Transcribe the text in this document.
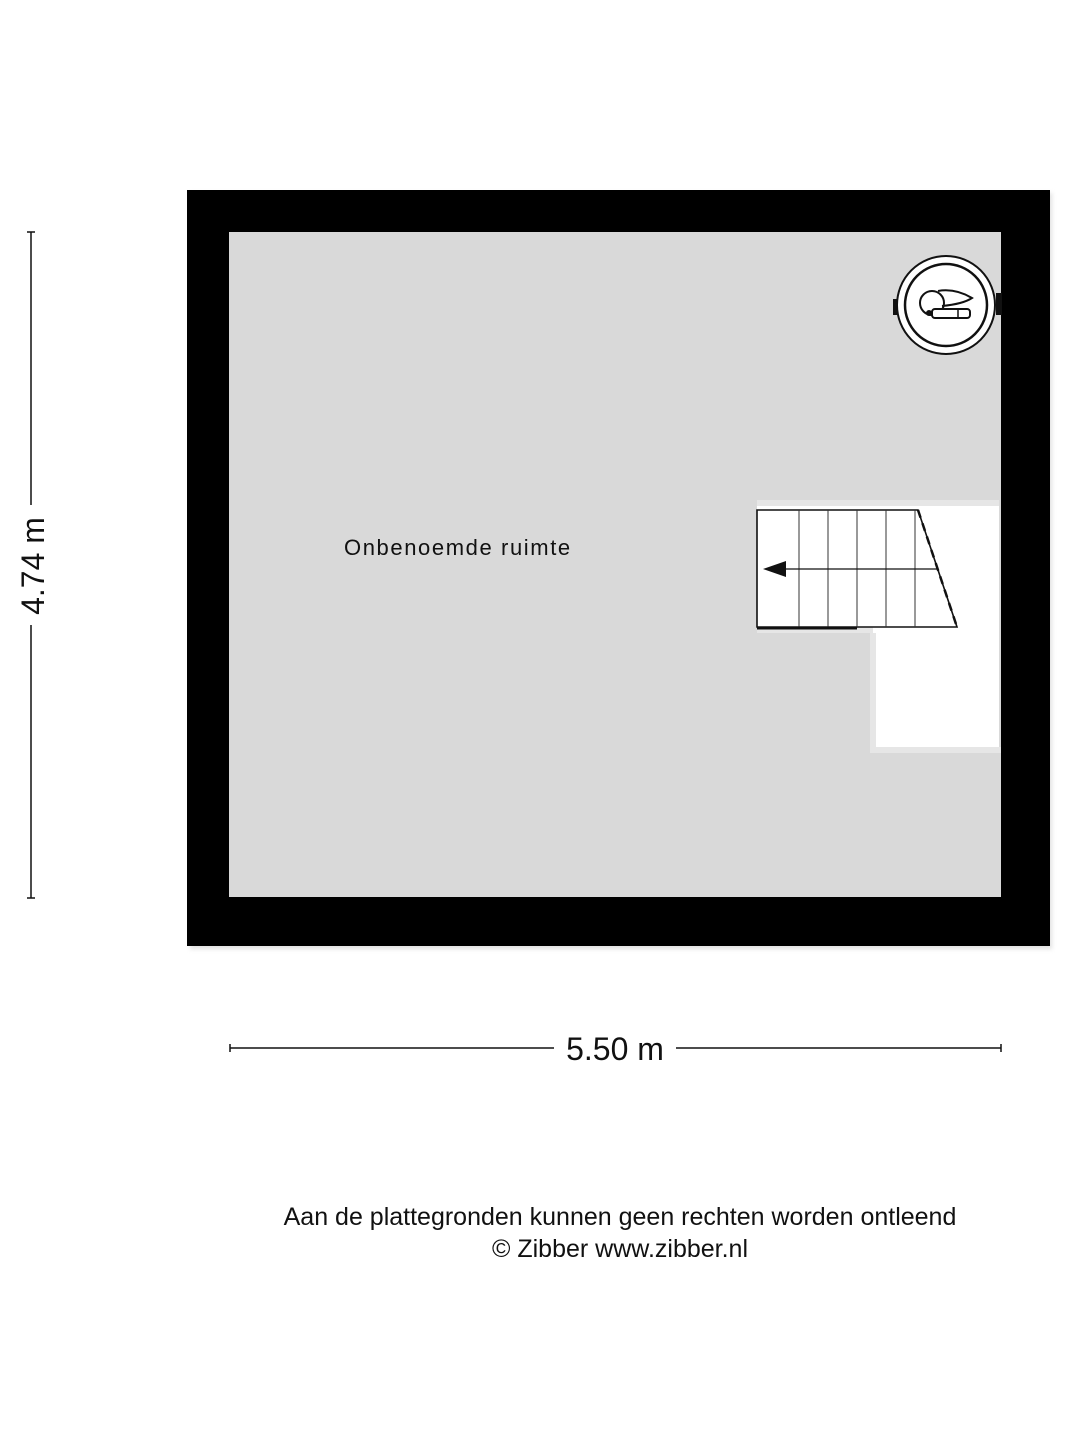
Onbenoemde ruimte
4.74 m
5.50 m
Aan de plattegronden kunnen geen rechten worden ontleend
© Zibber www.zibber.nl
